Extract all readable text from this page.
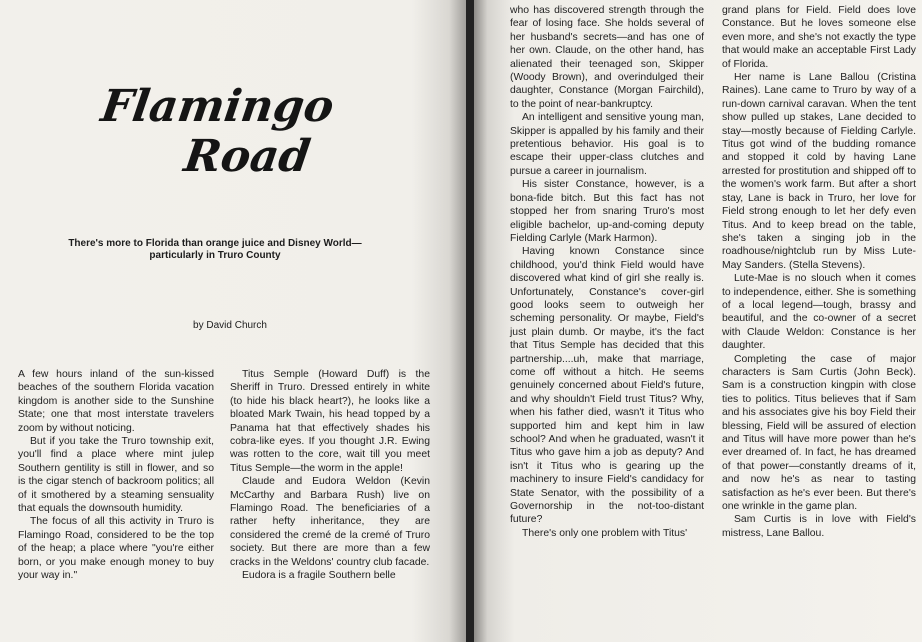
Flamingo
Road
There's more to Florida than orange juice and Disney World—particularly in Truro County
by David Church

A few hours inland of the sun-kissed beaches of the southern Florida vacation kingdom is another side to the Sunshine State; one that most interstate travelers zoom by without noticing.

But if you take the Truro township exit, you'll find a place where mint julep Southern gentility is still in flower, and so is the cigar stench of backroom politics; all of it smothered by a steaming sensuality that equals the downsouth humidity.

The focus of all this activity in Truro is Flamingo Road, considered to be the top of the heap; a place where "you're either born, or you make enough money to buy your way in."

Titus Semple (Howard Duff) is the Sheriff in Truro. Dressed entirely in white (to hide his black heart?), he looks like a bloated Mark Twain, his head topped by a Panama hat that effectively shades his cobra-like eyes. If you thought J.R. Ewing was rotten to the core, wait till you meet Titus Semple—the worm in the apple!

Claude and Eudora Weldon (Kevin McCarthy and Barbara Rush) live on Flamingo Road. The beneficiaries of a rather hefty inheritance, they are considered the cremé de la cremé of Truro society. But there are more than a few cracks in the Weldons' country club facade.

Eudora is a fragile Southern belle

who has discovered strength through the fear of losing face. She holds several of her husband's secrets—and has one of her own. Claude, on the other hand, has alienated their teenaged son, Skipper (Woody Brown), and overindulged their daughter, Constance (Morgan Fairchild), to the point of near-bankruptcy.

An intelligent and sensitive young man, Skipper is appalled by his family and their pretentious behavior. His goal is to escape their upper-class clutches and pursue a career in journalism.

His sister Constance, however, is a bona-fide bitch. But this fact has not stopped her from snaring Truro's most eligible bachelor, up-and-coming deputy Fielding Carlyle (Mark Harmon).

Having known Constance since childhood, you'd think Field would have discovered what kind of girl she really is. Unfortunately, Constance's cover-girl good looks seem to outweigh her scheming personality. Or maybe, Field's just plain dumb. Or maybe, it's the fact that Titus Semple has decided that this partnership....uh, make that marriage, come off without a hitch. He seems genuinely concerned about Field's future, and why shouldn't Field trust Titus? Why, when his father died, wasn't it Titus who supported him and kept him in law school? And when he graduated, wasn't it Titus who gave him a job as deputy? And isn't it Titus who is gearing up the machinery to insure Field's candidacy for State Senator, with the possibility of a Governorship in the not-too-distant future?

There's only one problem with Titus'

grand plans for Field. Field does love Constance. But he loves someone else even more, and she's not exactly the type that would make an acceptable First Lady of Florida.

Her name is Lane Ballou (Cristina Raines). Lane came to Truro by way of a run-down carnival caravan. When the tent show pulled up stakes, Lane decided to stay—mostly because of Fielding Carlyle. Titus got wind of the budding romance and stopped it cold by having Lane arrested for prostitution and shipped off to the women's work farm. But after a short stay, Lane is back in Truro, her love for Field strong enough to let her defy even Titus. And to keep bread on the table, she's taken a singing job in the roadhouse/nightclub run by Miss Lute-May Sanders. (Stella Stevens).

Lute-Mae is no slouch when it comes to independence, either. She is something of a local legend—tough, brassy and beautiful, and the co-owner of a secret with Claude Weldon: Constance is her daughter.

Completing the case of major characters is Sam Curtis (John Beck). Sam is a construction kingpin with close ties to politics. Titus believes that if Sam and his associates give his boy Field their blessing, Field will be assured of election and Titus will have more power than he's ever dreamed of. In fact, he has dreamed of that power—constantly dreams of it, and now he's as near to tasting satisfaction as he's ever been. But there's one wrinkle in the game plan.

Sam Curtis is in love with Field's mistress, Lane Ballou.
